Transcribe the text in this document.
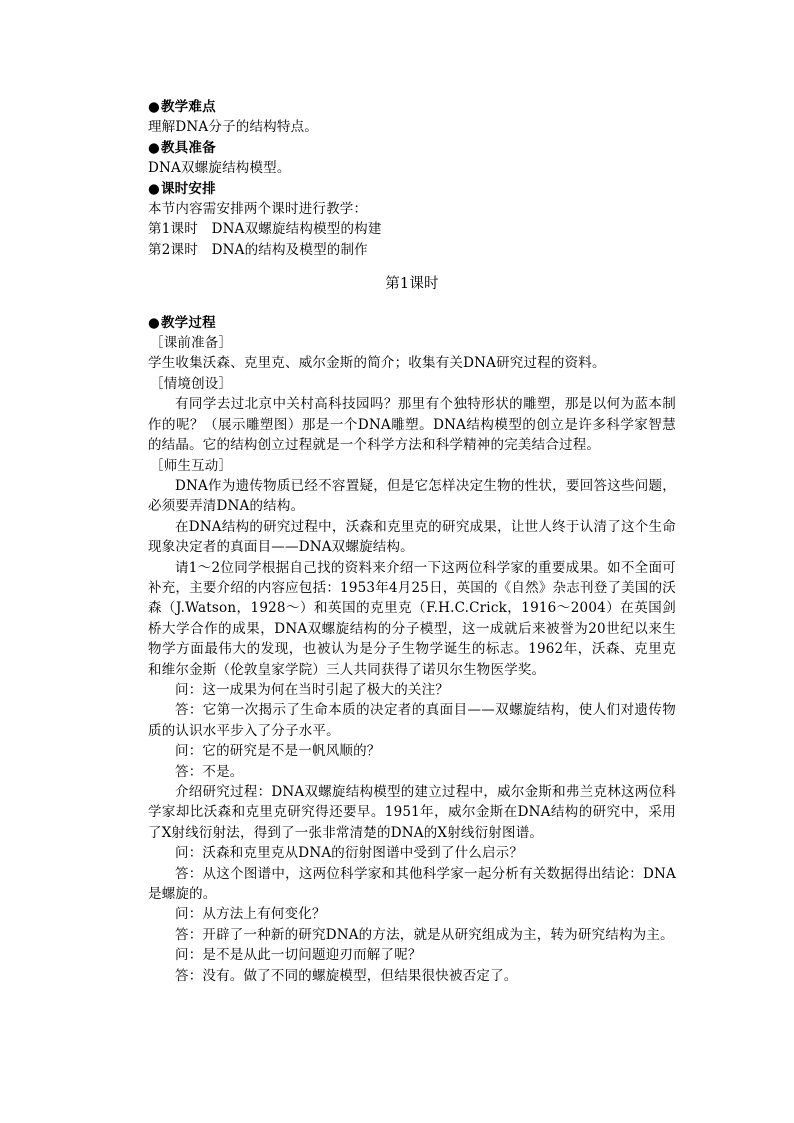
●教学难点

理解DNA分子的结构特点。

●教具准备

DNA双螺旋结构模型。

●课时安排

本节内容需安排两个课时进行教学：

第1课时　DNA双螺旋结构模型的构建

第2课时　DNA的结构及模型的制作

第1课时

●教学过程

［课前准备］

学生收集沃森、克里克、威尔金斯的简介；收集有关DNA研究过程的资料。

［情境创设］

有同学去过北京中关村高科技园吗？那里有个独特形状的雕塑，那是以何为蓝本制作的呢？（展示雕塑图）那是一个DNA雕塑。DNA结构模型的创立是许多科学家智慧的结晶。它的结构创立过程就是一个科学方法和科学精神的完美结合过程。

［师生互动］

DNA作为遗传物质已经不容置疑，但是它怎样决定生物的性状，要回答这些问题，必须要弄清DNA的结构。

在DNA结构的研究过程中，沃森和克里克的研究成果，让世人终于认清了这个生命现象决定者的真面目——DNA双螺旋结构。

请1～2位同学根据自己找的资料来介绍一下这两位科学家的重要成果。如不全面可补充，主要介绍的内容应包括：1953年4月25日，英国的《自然》杂志刊登了美国的沃森（J.Watson，1928～）和英国的克里克（F.H.C.Crick，1916～2004）在英国剑桥大学合作的成果，DNA双螺旋结构的分子模型，这一成就后来被誉为20世纪以来生物学方面最伟大的发现，也被认为是分子生物学诞生的标志。1962年，沃森、克里克和维尔金斯（伦敦皇家学院）三人共同获得了诺贝尔生物医学奖。

问：这一成果为何在当时引起了极大的关注？

答：它第一次揭示了生命本质的决定者的真面目——双螺旋结构，使人们对遗传物质的认识水平步入了分子水平。

问：它的研究是不是一帆风顺的？

答：不是。

介绍研究过程：DNA双螺旋结构模型的建立过程中，威尔金斯和弗兰克林这两位科学家却比沃森和克里克研究得还要早。1951年，威尔金斯在DNA结构的研究中，采用了X射线衍射法，得到了一张非常清楚的DNA的X射线衍射图谱。

问：沃森和克里克从DNA的衍射图谱中受到了什么启示？

答：从这个图谱中，这两位科学家和其他科学家一起分析有关数据得出结论：DNA是螺旋的。

问：从方法上有何变化？

答：开辟了一种新的研究DNA的方法，就是从研究组成为主，转为研究结构为主。

问：是不是从此一切问题迎刃而解了呢？

答：没有。做了不同的螺旋模型，但结果很快被否定了。
